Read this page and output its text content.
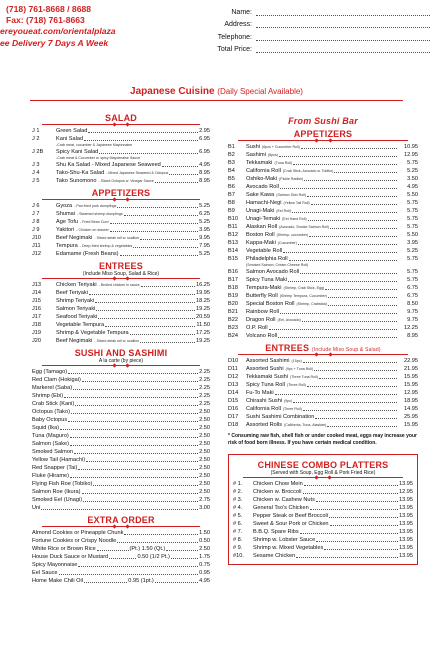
(718) 761-8668 / 8688
Fax: (718) 761-8663
ereyoueat.com/orientalplaza
ee Delivery 7 Days A Week
Name:
Address:
Telephone:
Total Price:
Japanese Cuisine (Daily Special Available)
SALAD
J 1	Green Salad	2.95
J 2	Kani Salad	6.95
-Crab meat, cucumber & Japanese Mayonnaise
J 2B	Spicy Kani Salad	6.95
-Crab meat & Cucumber w. spicy Mayonnaise Sauce
J 3	Shu Ka Salad - Mixed Japanese Seaweed	4.95
J 4	Tako-Shu-Ka Salad - Mixed Japanese Seaweed & Octopus	8.95
J 5	Tako Sunomono - Sliced Octopus w. Vinegar Sauce	8.95
APPETIZERS
J 6	Gyoza - Pan-fried pork dumplings	5.25
J 7	Shumai - Steamed shrimp dumplings	6.25
J 8	Age Tofu - Fried Bean Curd	5.25
J 9	Yakitori - Chicken on skewer	3.95
J10	Beef Negimaki - Sliced steak roll w. scallion	9.95
J11	Tempura - Deep-fried shrimp & vegetables	7.95
J12	Edamame (Fresh Beans)	5.25
ENTREES
(Include Miso Soup, Salad & Rice)
J13	Chicken Teriyaki - Broiled chicken in sauce	16.25
J14	Beef Teriyaki	19.95
J15	Shrimp Teriyaki	18.25
J16	Salmon Teriyaki	19.25
J17	Seafood Teriyaki	20.59
J18	Vegetable Tempura	11.50
J19	Shrimp & Vegetable Tempura	17.25
J20	Beef Negimaki - Sliced steak roll w. scallion	19.25
SUSHI AND SASHIMI
A la carte (by piece)
Egg (Tamago)	2.25
Red Clam (Hokigai)	2.25
Markerel (Saba)	2.25
Shrimp (Ebi)	2.25
Crab Stick (Kani)	2.25
Octopus (Tako)	2.50
Baby Octopus	2.50
Squid (Ika)	2.50
Tuna (Maguro)	2.50
Salmon (Sake)	2.50
Smoked Salmon	2.50
Yellow Tail (Hamachi)	2.50
Red Snapper (Tai)	2.50
Fluke (Hirame)	2.50
Flying Fish Roe (Tobiko)	2.50
Salmon Roe (Ikura)	2.50
Smoked Eel (Unagi)	2.75
Uni	3.00
EXTRA ORDER
Almond Cookies or Pineapple Chunk	1.50
Fortune Cookies or Crispy Noodle	0.50
White Rice or Brown Rice	(Pt.) 1.50 (Qt.)	2.50
House Duck Sauce or Mustard	0.50 (1/2 Pt.)	1.75
Spicy Mayonnaise	0.75
Eel Sauce	0.95
Home Make Chili Oil	0.95 (1pt.)	4.95
From Sushi Bar
APPETIZERS
B1	Sushi (6pcs + Cucumber Roll)	10.95
B2	Sashimi (8pcs)	12.95
B3	Tekkamaki (Tuna Roll)	5.75
B4	California Roll (Crab Stick, Avocado w. Tobiko)	5.25
B5	Oshiko-Maki (Pickle Radish)	3.50
B6	Avocado Roll	4.95
B7	Sake Kawa (Salmon Skin Roll)	5.50
B8	Hamachi-Negi (Yellow Tail Roll)	5.75
B9	Unagi-Maki (Eel Roll)	5.75
B10	Unagi-Temaki (Eel Hand Roll)	5.75
B11	Alaskan Roll (Avocado, Smoke Salmon Roll)	5.75
B12	Boston Roll (Shrimp, cucumber)	5.50
B13	Kappa-Maki (Cucumber)	3.95
B14	Vegetable Roll	5.25
B15	Philadelphia Roll	5.75
(Smoked Salmon, Cream Cheese Roll)
B16	Salmon Avocado Roll	5.75
B17	Spicy Tuna Maki	5.75
B18	Tempura-Maki (Shrimp, Crab Stick, Egg)	6.75
B19	Butterfly Roll (Shrimp Tempura, Cucumber)	6.75
B20	Special Boston Roll (Shrimp, Crabstick)	8.50
B21	Rainbow Roll	9.75
B22	Dragon Roll (Eel, Avocado)	9.75
B23	O.P. Roll	12.25
B24	Volcano Roll	8.95
ENTREES (Include Miso Soup & Salad)
D10	Assorted Sashimi (15pc)	22.95
D11	Assorted Sushi (9pc + Tuna Roll)	21.95
D12	Tekkamaki Sushi (Three Tuna Roll)	15.95
D13	Spicy Tuna Roll (Three Roll)	15.95
D14	Fu-To Maki	12.95
D15	Chirashi Sushi (9pc)	18.95
D16	California Roll (Three Roll)	14.95
D17	Sushi Sashimi Combination	25.95
D18	Assorted Rolls (California, Tuna, Alaskan)	15.95
* Consuming raw fish, shell fish or under cooked meat, eggs may increase your risk of food born illness. If you have certain medical condition.
CHINESE COMBO PLATTERS
(Served with Soup, Egg Roll & Pork Fried Rice)
# 1.	Chicken Chow Mein	13.95
# 2.	Chicken w. Broccoli	12.95
# 3.	Chicken w. Cashew Nuts	13.95
# 4.	General Tso's Chicken	13.95
# 5.	Pepper Steak or Beef Broccoli	13.95
# 6.	Sweet & Sour Pork or Chicken	13.95
# 7.	B.B.Q. Spare Ribs	13.95
# 8.	Shrimp w. Lobster Sauce	13.95
# 9.	Shrimp w. Mixed Vegetables	13.95
#10.	Sesame Chicken	13.95
